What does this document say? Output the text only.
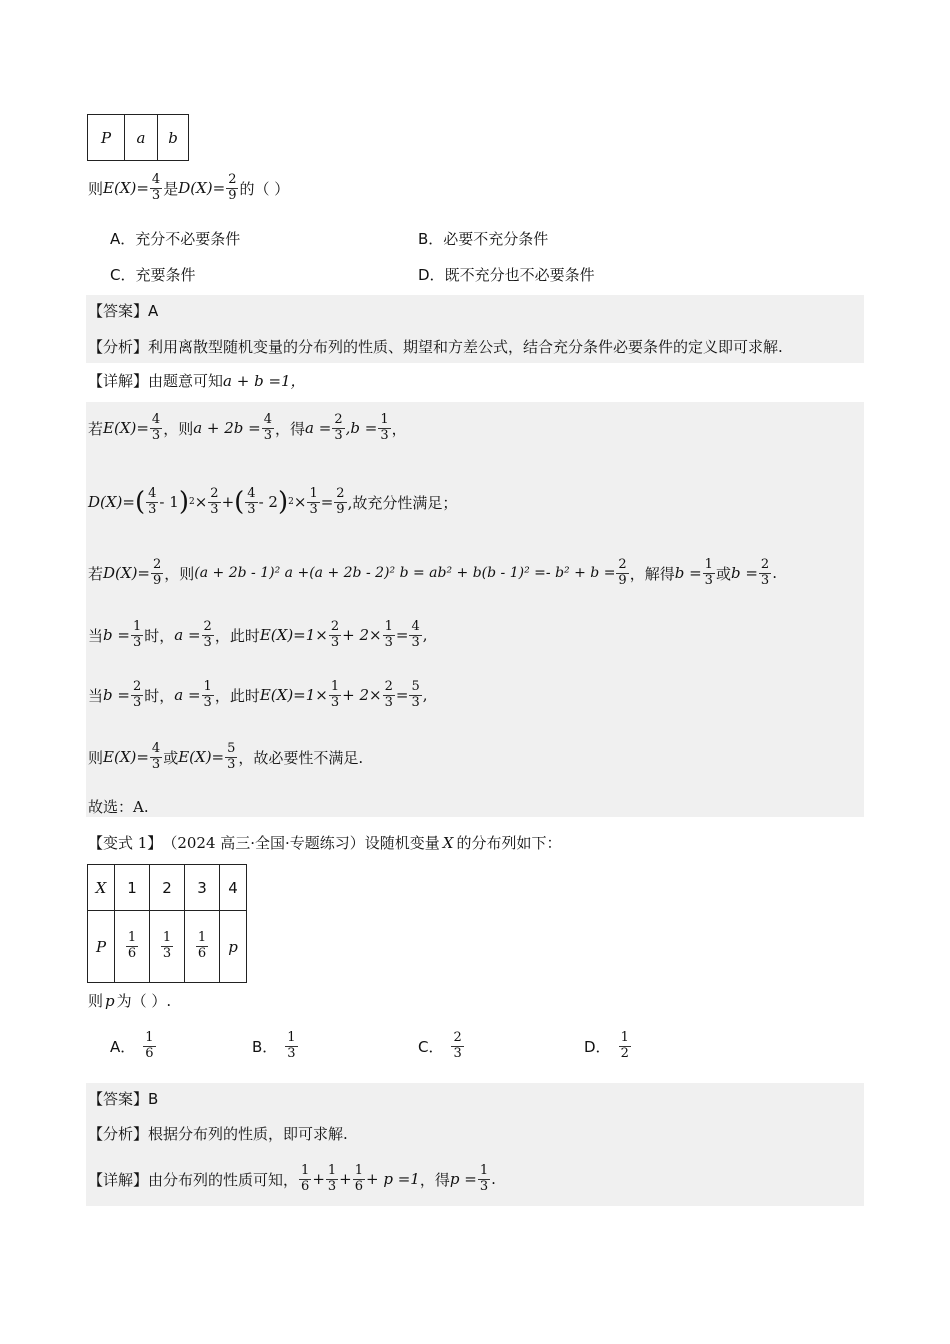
P	a	b
则 $E(X)= \frac{4}{3}$ 是 $D(X)= \frac{2}{9}$ 的（ ）
A． 充分不必要条件	B． 必要不充分条件
C． 充要条件	D． 既不充分也不必要条件
【答案】 A
【分析】 利用离散型随机变量的分布列的性质、期望和方差公式，结合充分条件必要条件的定义即可求解.
【详解】 由题意可知 a + b =1，
若 $E(X)= \frac{4}{3}$ ，则 $a + 2b = \frac{4}{3}$ ，得 $a = \frac{2}{3} ,b = \frac{1}{3}$ ，
D(X)= ( $\frac{4}{3} - 1$ ) $2 \times \frac{2}{3}$ + ( $\frac{4}{3} - 2$ ) $2 \times \frac{1}{3} = \frac{2}{9}$ ,故充分性满足；
若 $D(X)= \frac{2}{9}$ ，则 (a + 2b - 1)² a +(a + 2b - 2)² $b = ab^2 + b(b - 1)^2 =- b^2 + b = \frac{2}{9}$ ，解得 $b = \frac{1}{3}$ 或 $b = \frac{2}{3}$ .
当 $b = \frac{1}{3}$ 时， $a = \frac{2}{3}$ ，此时 $E(X)=1\times \frac{2}{3} + 2\times \frac{1}{3} = \frac{4}{3}$ ,
当 $b = \frac{2}{3}$ 时， $a = \frac{1}{3}$ ，此时 $E(X)=1\times \frac{1}{3} + 2\times \frac{2}{3} = \frac{5}{3}$ ,
则 $E(X)= \frac{4}{3}$ 或 $E(X)= \frac{5}{3}$ ，故必要性不满足.
故选：A.
【变式 1】 （2024 高三·全国·专题练习）设随机变量 X 的分布列如下：
X	1	2	3	4
P	$\frac{1}{6}$	$\frac{1}{3}$	$\frac{1}{6}$	p
则 p 为（ ）.
A． $\frac{1}{6}$	B． $\frac{1}{3}$	C． $\frac{2}{3}$	D． $\frac{1}{2}$
【答案】 B
【分析】 根据分布列的性质，即可求解.
【详解】 由分布列的性质可知， $\frac{1}{6} + \frac{1}{3} + \frac{1}{6} + p =1$ ，得 $p = \frac{1}{3}$ .
